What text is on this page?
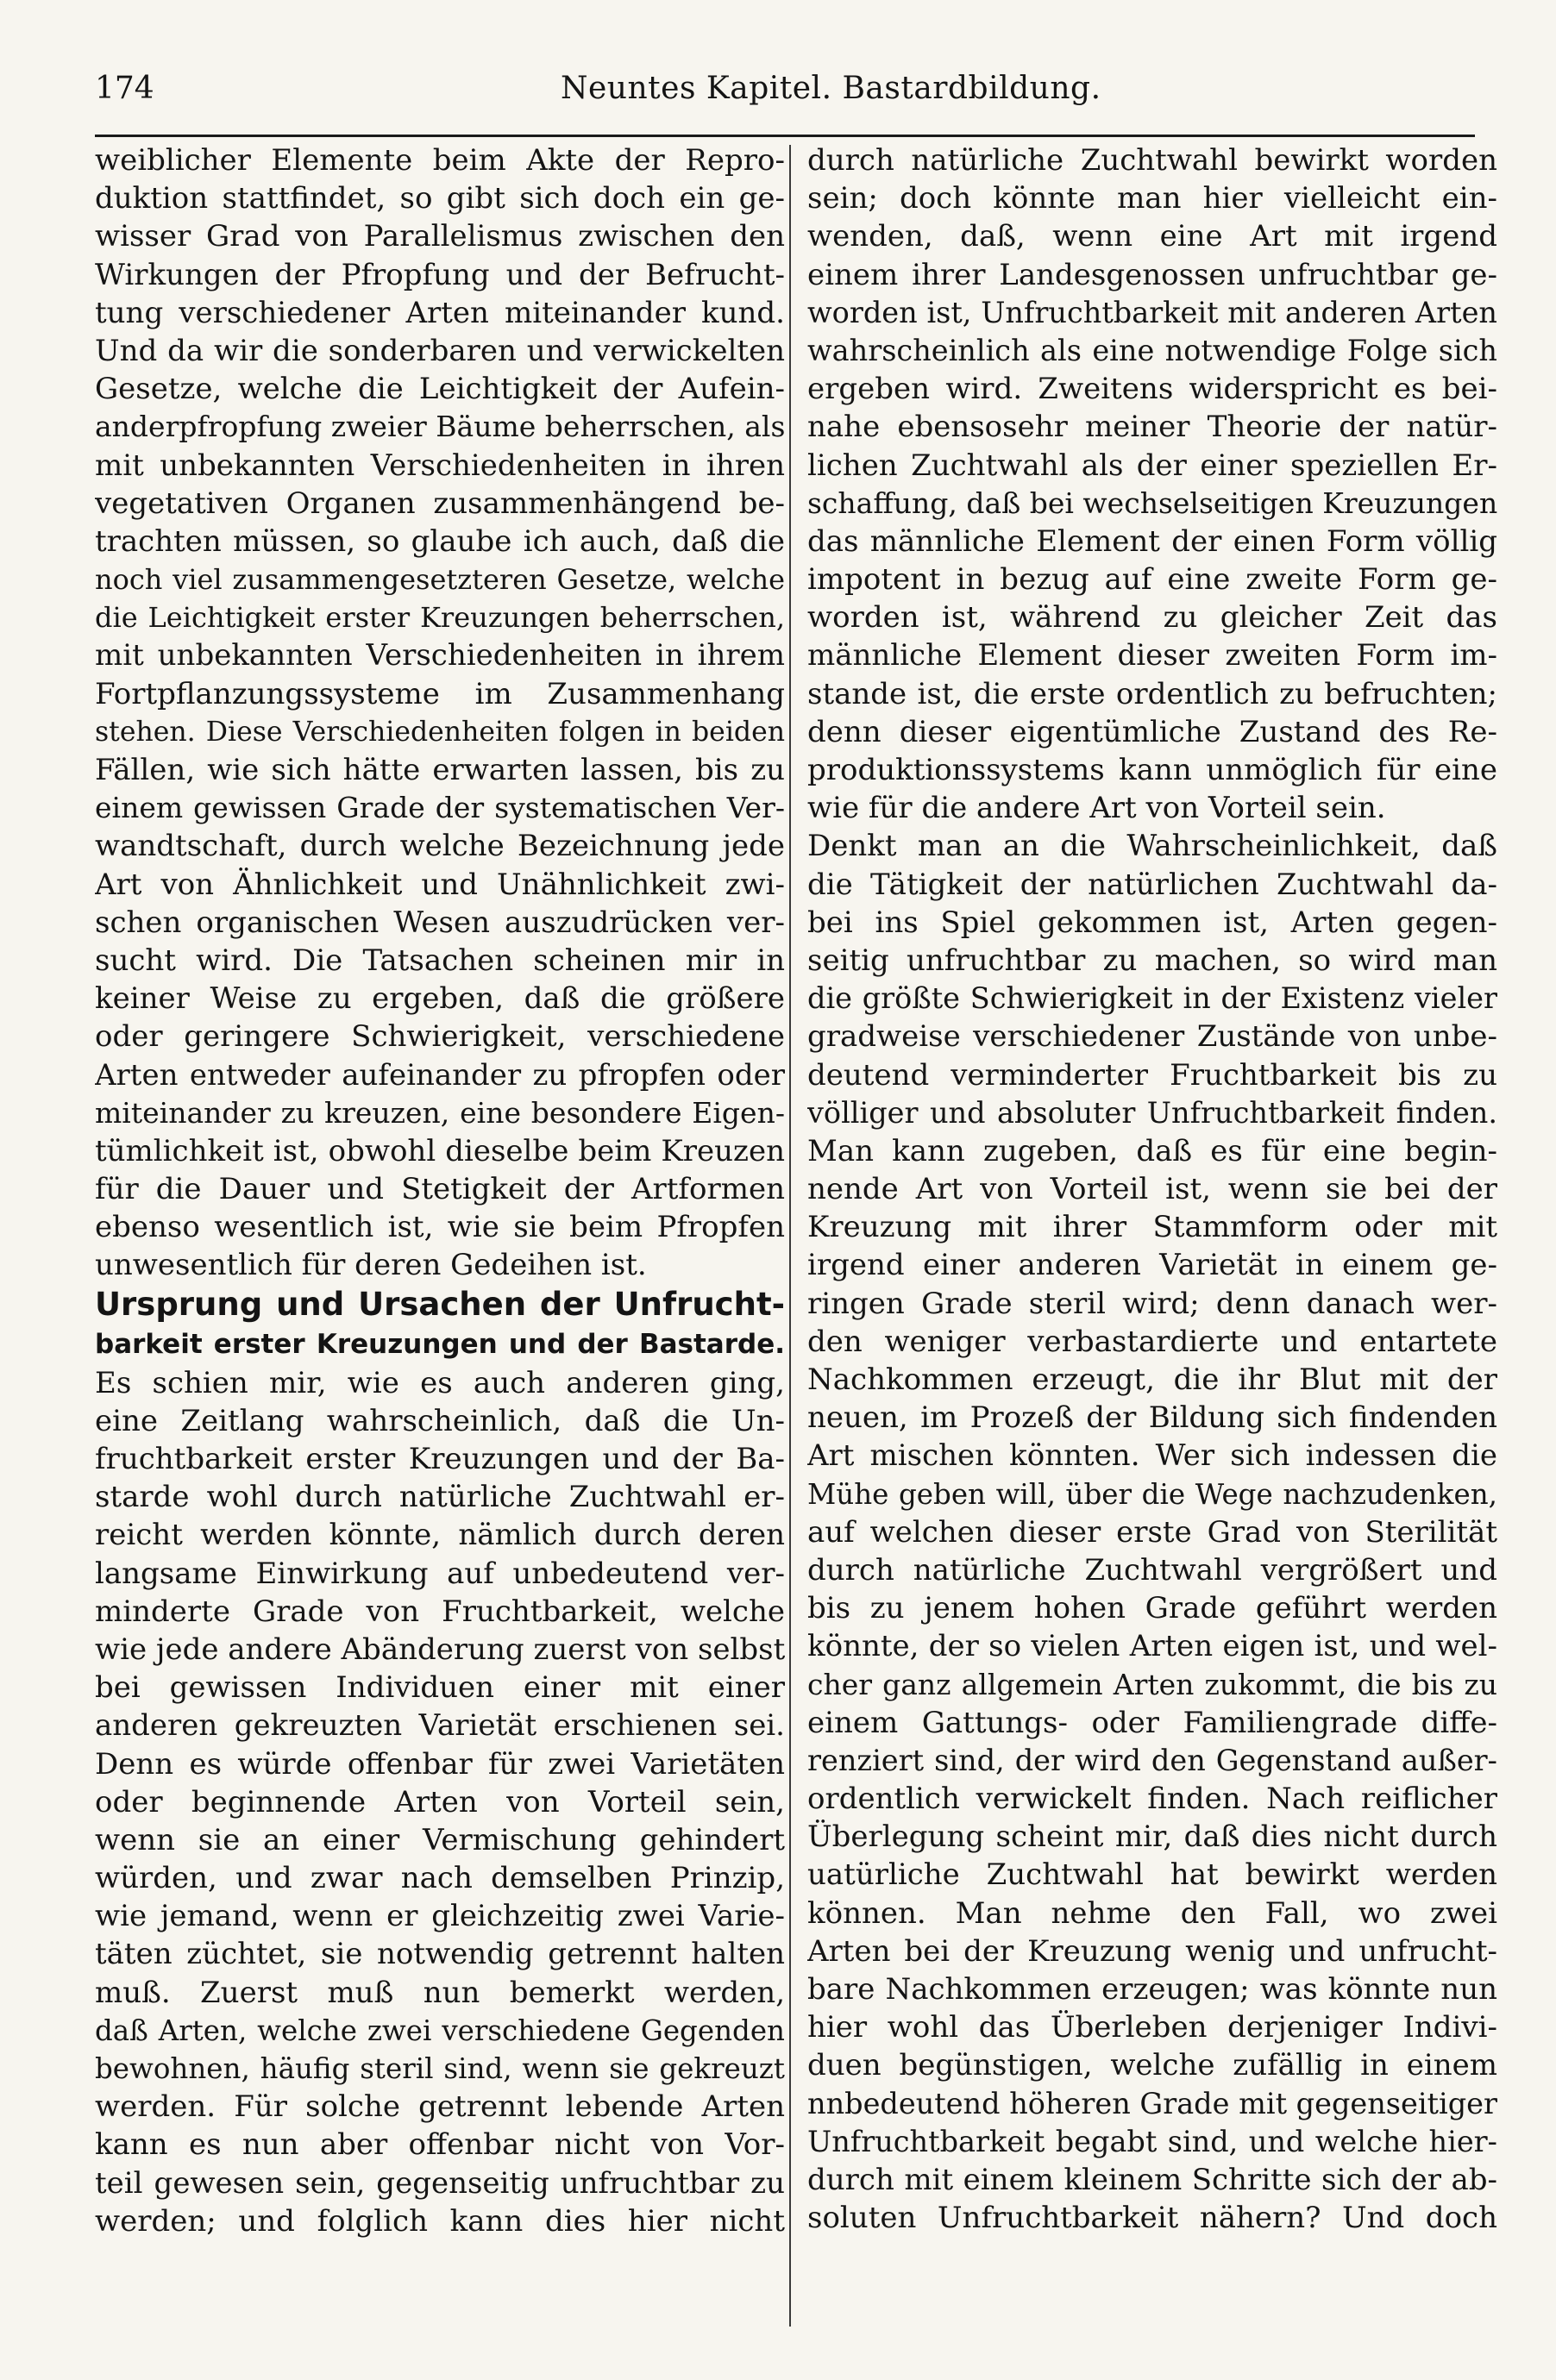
174	Neuntes Kapitel. Bastardbildung.
weiblicher Elemente beim Akte der Repro-
duktion stattfindet, so gibt sich doch ein ge-
wisser Grad von Parallelismus zwischen den
Wirkungen der Pfropfung und der Befrucht-
tung verschiedener Arten miteinander kund.
Und da wir die sonderbaren und verwickelten
Gesetze, welche die Leichtigkeit der Aufein-
anderpfropfung zweier Bäume beherrschen, als
mit unbekannten Verschiedenheiten in ihren
vegetativen Organen zusammenhängend be-
trachten müssen, so glaube ich auch, daß die
noch viel zusammengesetzteren Gesetze, welche
die Leichtigkeit erster Kreuzungen beherrschen,
mit unbekannten Verschiedenheiten in ihrem
Fortpflanzungssysteme im Zusammenhang
stehen. Diese Verschiedenheiten folgen in beiden
Fällen, wie sich hätte erwarten lassen, bis zu
einem gewissen Grade der systematischen Ver-
wandtschaft, durch welche Bezeichnung jede
Art von Ähnlichkeit und Unähnlichkeit zwi-
schen organischen Wesen auszudrücken ver-
sucht wird. Die Tatsachen scheinen mir in
keiner Weise zu ergeben, daß die größere
oder geringere Schwierigkeit, verschiedene
Arten entweder aufeinander zu pfropfen oder
miteinander zu kreuzen, eine besondere Eigen-
tümlichkeit ist, obwohl dieselbe beim Kreuzen
für die Dauer und Stetigkeit der Artformen
ebenso wesentlich ist, wie sie beim Pfropfen
unwesentlich für deren Gedeihen ist.
Ursprung und Ursachen der Unfrucht-
barkeit erster Kreuzungen und der Bastarde.
Es schien mir, wie es auch anderen ging,
eine Zeitlang wahrscheinlich, daß die Un-
fruchtbarkeit erster Kreuzungen und der Ba-
starde wohl durch natürliche Zuchtwahl er-
reicht werden könnte, nämlich durch deren
langsame Einwirkung auf unbedeutend ver-
minderte Grade von Fruchtbarkeit, welche
wie jede andere Abänderung zuerst von selbst
bei gewissen Individuen einer mit einer
anderen gekreuzten Varietät erschienen sei.
Denn es würde offenbar für zwei Varietäten
oder beginnende Arten von Vorteil sein,
wenn sie an einer Vermischung gehindert
würden, und zwar nach demselben Prinzip,
wie jemand, wenn er gleichzeitig zwei Varie-
täten züchtet, sie notwendig getrennt halten
muß. Zuerst muß nun bemerkt werden,
daß Arten, welche zwei verschiedene Gegenden
bewohnen, häufig steril sind, wenn sie gekreuzt
werden. Für solche getrennt lebende Arten
kann es nun aber offenbar nicht von Vor-
teil gewesen sein, gegenseitig unfruchtbar zu
werden; und folglich kann dies hier nicht
durch natürliche Zuchtwahl bewirkt worden
sein; doch könnte man hier vielleicht ein-
wenden, daß, wenn eine Art mit irgend
einem ihrer Landesgenossen unfruchtbar ge-
worden ist, Unfruchtbarkeit mit anderen Arten
wahrscheinlich als eine notwendige Folge sich
ergeben wird. Zweitens widerspricht es bei-
nahe ebensosehr meiner Theorie der natür-
lichen Zuchtwahl als der einer speziellen Er-
schaffung, daß bei wechselseitigen Kreuzungen
das männliche Element der einen Form völlig
impotent in bezug auf eine zweite Form ge-
worden ist, während zu gleicher Zeit das
männliche Element dieser zweiten Form im-
stande ist, die erste ordentlich zu befruchten;
denn dieser eigentümliche Zustand des Re-
produktionssystems kann unmöglich für eine
wie für die andere Art von Vorteil sein.
Denkt man an die Wahrscheinlichkeit, daß
die Tätigkeit der natürlichen Zuchtwahl da-
bei ins Spiel gekommen ist, Arten gegen-
seitig unfruchtbar zu machen, so wird man
die größte Schwierigkeit in der Existenz vieler
gradweise verschiedener Zustände von unbe-
deutend verminderter Fruchtbarkeit bis zu
völliger und absoluter Unfruchtbarkeit finden.
Man kann zugeben, daß es für eine begin-
nende Art von Vorteil ist, wenn sie bei der
Kreuzung mit ihrer Stammform oder mit
irgend einer anderen Varietät in einem ge-
ringen Grade steril wird; denn danach wer-
den weniger verbastardierte und entartete
Nachkommen erzeugt, die ihr Blut mit der
neuen, im Prozeß der Bildung sich findenden
Art mischen könnten. Wer sich indessen die
Mühe geben will, über die Wege nachzudenken,
auf welchen dieser erste Grad von Sterilität
durch natürliche Zuchtwahl vergrößert und
bis zu jenem hohen Grade geführt werden
könnte, der so vielen Arten eigen ist, und wel-
cher ganz allgemein Arten zukommt, die bis zu
einem Gattungs- oder Familiengrade diffe-
renziert sind, der wird den Gegenstand außer-
ordentlich verwickelt finden. Nach reiflicher
Überlegung scheint mir, daß dies nicht durch
uatürliche Zuchtwahl hat bewirkt werden
können. Man nehme den Fall, wo zwei
Arten bei der Kreuzung wenig und unfrucht-
bare Nachkommen erzeugen; was könnte nun
hier wohl das Überleben derjeniger Indivi-
duen begünstigen, welche zufällig in einem
nnbedeutend höheren Grade mit gegenseitiger
Unfruchtbarkeit begabt sind, und welche hier-
durch mit einem kleinem Schritte sich der ab-
soluten Unfruchtbarkeit nähern? Und doch
